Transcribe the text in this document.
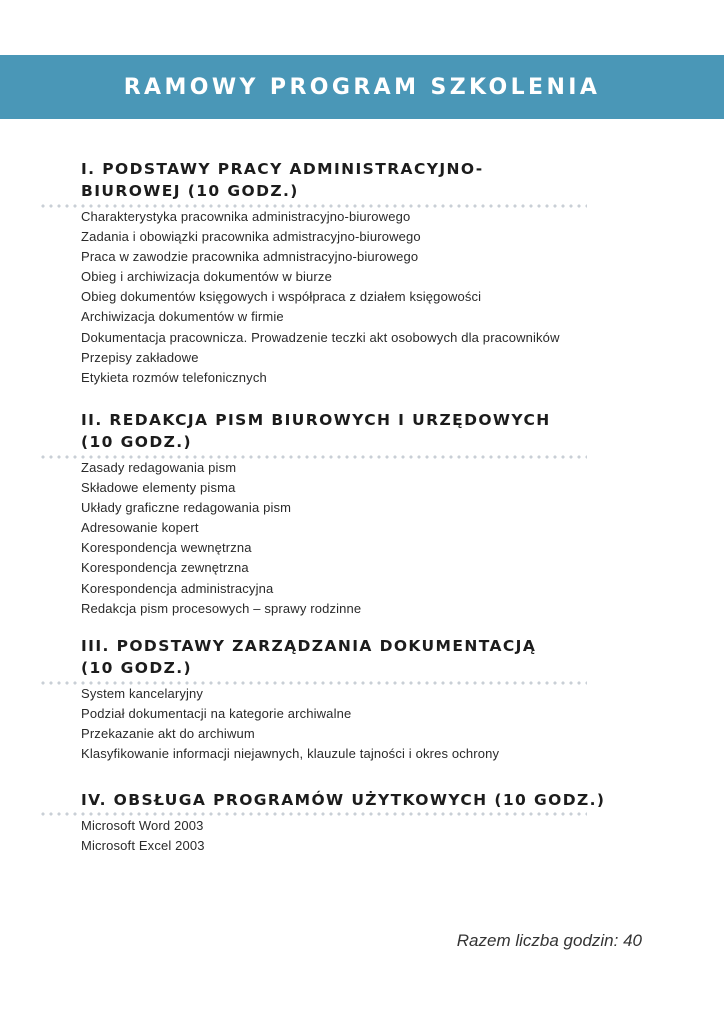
RAMOWY PROGRAM SZKOLENIA
I. PODSTAWY PRACY ADMINISTRACYJNO-
BIUROWEJ (10 GODZ.)
Charakterystyka pracownika administracyjno-biurowego
Zadania i obowiązki pracownika admistracyjno-biurowego
Praca w zawodzie pracownika admnistracyjno-biurowego
Obieg i archiwizacja dokumentów w biurze
Obieg dokumentów księgowych i współpraca z działem księgowości
Archiwizacja dokumentów w firmie
Dokumentacja pracownicza. Prowadzenie teczki akt osobowych dla pracowników
Przepisy zakładowe
Etykieta rozmów telefonicznych
II. REDAKCJA PISM BIUROWYCH I URZĘDOWYCH
(10 GODZ.)
Zasady redagowania pism
Składowe elementy pisma
Układy graficzne redagowania pism
Adresowanie kopert
Korespondencja wewnętrzna
Korespondencja zewnętrzna
Korespondencja administracyjna
Redakcja pism procesowych – sprawy rodzinne
III. PODSTAWY ZARZĄDZANIA DOKUMENTACJĄ
(10 GODZ.)
System kancelaryjny
Podział dokumentacji na kategorie archiwalne
Przekazanie akt do archiwum
Klasyfikowanie informacji niejawnych, klauzule tajności i okres ochrony
IV. OBSŁUGA PROGRAMÓW UŻYTKOWYCH (10 GODZ.)
Microsoft Word 2003
Microsoft Excel 2003
Razem liczba godzin: 40
